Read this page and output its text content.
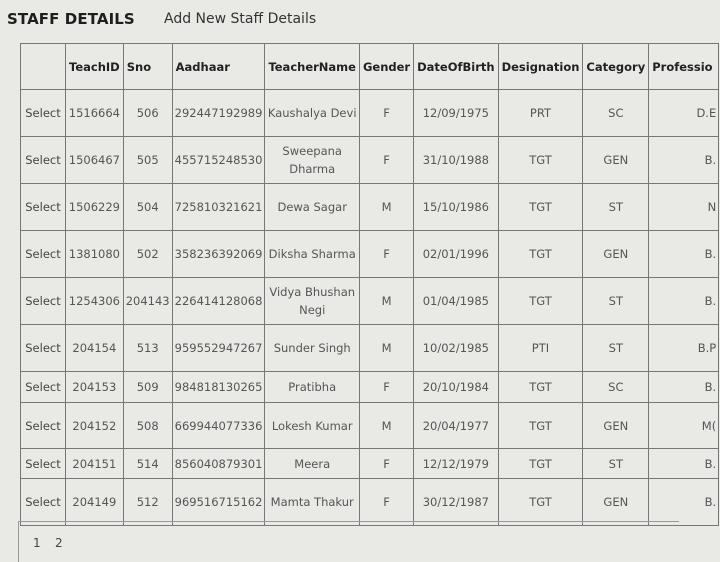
STAFF DETAILS Add New Staff Details
	TeachID	Sno	Aadhaar	TeacherName	Gender	DateOfBirth	Designation	Category	Professio
Select	1516664	506	292447192989	Kaushalya Devi	F	12/09/1975	PRT	SC	D.E
Select	1506467	505	455715248530	Sweepana Dharma	F	31/10/1988	TGT	GEN	B.
Select	1506229	504	725810321621	Dewa Sagar	M	15/10/1986	TGT	ST	N
Select	1381080	502	358236392069	Diksha Sharma	F	02/01/1996	TGT	GEN	B.
Select	1254306	204143	226414128068	Vidya Bhushan Negi	M	01/04/1985	TGT	ST	B.
Select	204154	513	959552947267	Sunder Singh	M	10/02/1985	PTI	ST	B.P
Select	204153	509	984818130265	Pratibha	F	20/10/1984	TGT	SC	B.
Select	204152	508	669944077336	Lokesh Kumar	M	20/04/1977	TGT	GEN	M(
Select	204151	514	856040879301	Meera	F	12/12/1979	TGT	ST	B.
Select	204149	512	969516715162	Mamta Thakur	F	30/12/1987	TGT	GEN	B.
1 2
